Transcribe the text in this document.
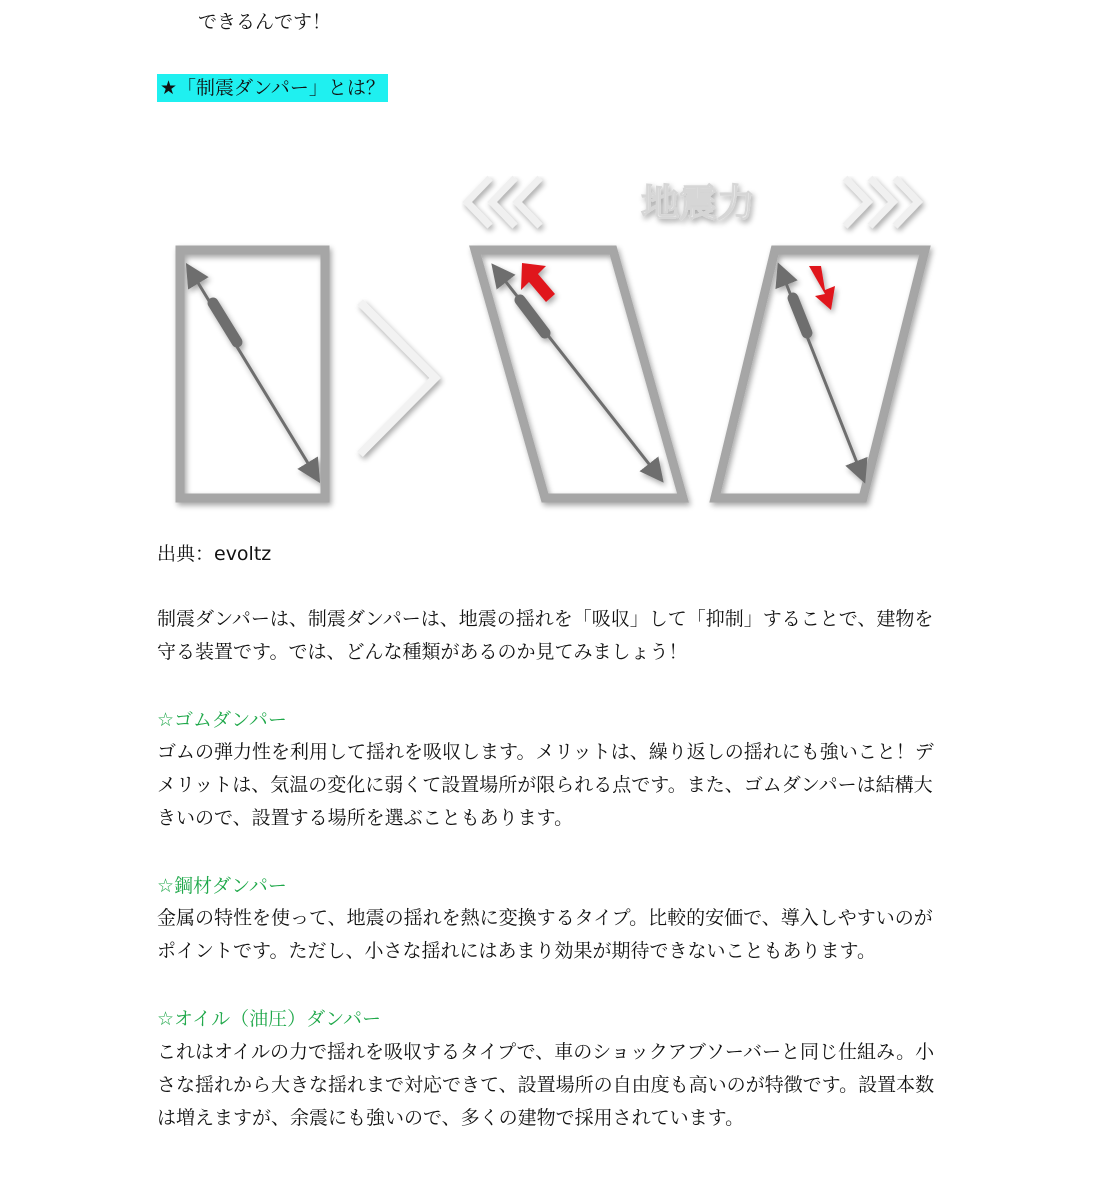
できるんです！
★「制震ダンパー」とは？
地震力
出典：evoltz

制震ダンパーは、制震ダンパーは、地震の揺れを「吸収」して「抑制」することで、建物を守る装置です。では、どんな種類があるのか見てみましょう！

☆ゴムダンパー

ゴムの弾力性を利用して揺れを吸収します。メリットは、繰り返しの揺れにも強いこと！デメリットは、気温の変化に弱くて設置場所が限られる点です。また、ゴムダンパーは結構大きいので、設置する場所を選ぶこともあります。

☆鋼材ダンパー

金属の特性を使って、地震の揺れを熱に変換するタイプ。比較的安価で、導入しやすいのがポイントです。ただし、小さな揺れにはあまり効果が期待できないこともあります。

☆オイル（油圧）ダンパー

これはオイルの力で揺れを吸収するタイプで、車のショックアブソーバーと同じ仕組み。小さな揺れから大きな揺れまで対応できて、設置場所の自由度も高いのが特徴です。設置本数は増えますが、余震にも強いので、多くの建物で採用されています。
